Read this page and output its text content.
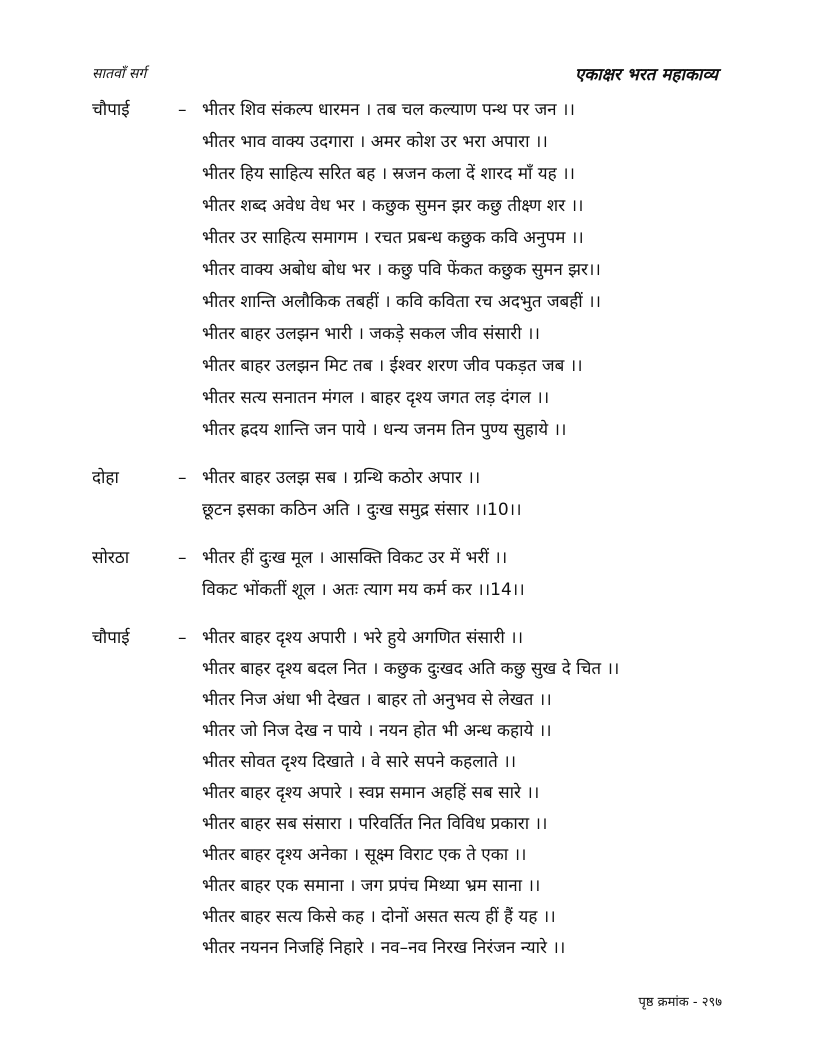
सातवाँ सर्ग	एकाक्षर भरत महाकाव्य
चौपाई	– भीतर शिव संकल्प धारमन । तब चल कल्याण पन्थ पर जन ।।
भीतर भाव वाक्य उदगारा । अमर कोश उर भरा अपारा ।।
भीतर हिय साहित्य सरित बह । स्रजन कला दें शारद माँ यह ।।
भीतर शब्द अवेध वेध भर । कछुक सुमन झर कछु तीक्ष्ण शर ।।
भीतर उर साहित्य समागम । रचत प्रबन्ध कछुक कवि अनुपम ।।
भीतर वाक्य अबोध बोध भर । कछु पवि फेंकत कछुक सुमन झर।।
भीतर शान्ति अलौकिक तबहीं । कवि कविता रच अदभुत जबहीं ।।
भीतर बाहर उलझन भारी । जकड़े सकल जीव संसारी ।।
भीतर बाहर उलझन मिट तब । ईश्वर शरण जीव पकड़त जब ।।
भीतर सत्य सनातन मंगल । बाहर दृश्य जगत लड़ दंगल ।।
भीतर ह्रदय शान्ति जन पाये । धन्य जनम तिन पुण्य सुहाये ।।
दोहा	– भीतर बाहर उलझ सब । ग्रन्थि कठोर अपार ।।
छूटन इसका कठिन अति । दुःख समुद्र संसार ।।10।।
सोरठा	– भीतर हीं दुःख मूल । आसक्ति विकट उर में भरीं ।।
विकट भोंकतीं शूल । अतः त्याग मय कर्म कर ।।14।।
चौपाई	– भीतर बाहर दृश्य अपारी । भरे हुये अगणित संसारी ।।
भीतर बाहर दृश्य बदल नित । कछुक दुःखद अति कछु सुख दे चित ।।
भीतर निज अंधा भी देखत । बाहर तो अनुभव से लेखत ।।
भीतर जो निज देख न पाये । नयन होत भी अन्ध कहाये ।।
भीतर सोवत दृश्य दिखाते । वे सारे सपने कहलाते ।।
भीतर बाहर दृश्य अपारे । स्वप्न समान अहहिं सब सारे ।।
भीतर बाहर सब संसारा । परिवर्तित नित विविध प्रकारा ।।
भीतर बाहर दृश्य अनेका । सूक्ष्म विराट एक ते एका ।।
भीतर बाहर एक समाना । जग प्रपंच मिथ्या भ्रम साना ।।
भीतर बाहर सत्य किसे कह । दोनों असत सत्य हीं हैं यह ।।
भीतर नयनन निजहिं निहारे । नव–नव निरख निरंजन न्यारे ।।
पृष्ठ क्रमांक - २९७
